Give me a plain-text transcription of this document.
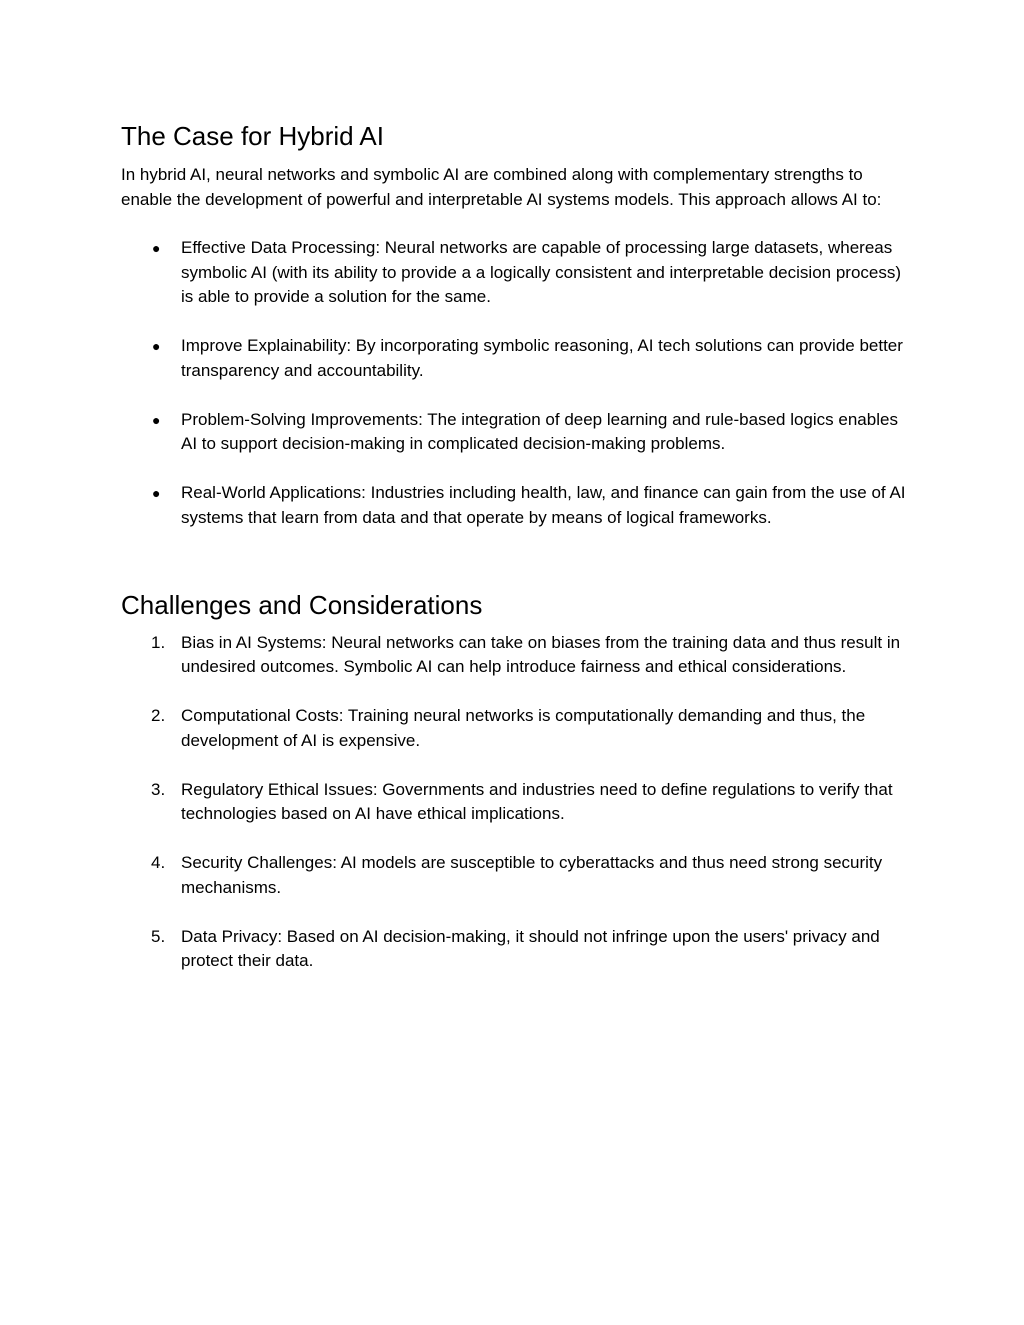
The Case for Hybrid AI

In hybrid AI, neural networks and symbolic AI are combined along with complementary strengths to enable the development of powerful and interpretable AI systems models. This approach allows AI to:

● Effective Data Processing: Neural networks are capable of processing large datasets, whereas symbolic AI (with its ability to provide a a logically consistent and interpretable decision process) is able to provide a solution for the same.
● Improve Explainability: By incorporating symbolic reasoning, AI tech solutions can provide better transparency and accountability.
● Problem-Solving Improvements: The integration of deep learning and rule-based logics enables AI to support decision-making in complicated decision-making problems.
● Real-World Applications: Industries including health, law, and finance can gain from the use of AI systems that learn from data and that operate by means of logical frameworks.
Challenges and Considerations
1. Bias in AI Systems: Neural networks can take on biases from the training data and thus result in undesired outcomes. Symbolic AI can help introduce fairness and ethical considerations.
2. Computational Costs: Training neural networks is computationally demanding and thus, the development of AI is expensive.
3. Regulatory Ethical Issues: Governments and industries need to define regulations to verify that technologies based on AI have ethical implications.
4. Security Challenges: AI models are susceptible to cyberattacks and thus need strong security mechanisms.
5. Data Privacy: Based on AI decision-making, it should not infringe upon the users' privacy and protect their data.
